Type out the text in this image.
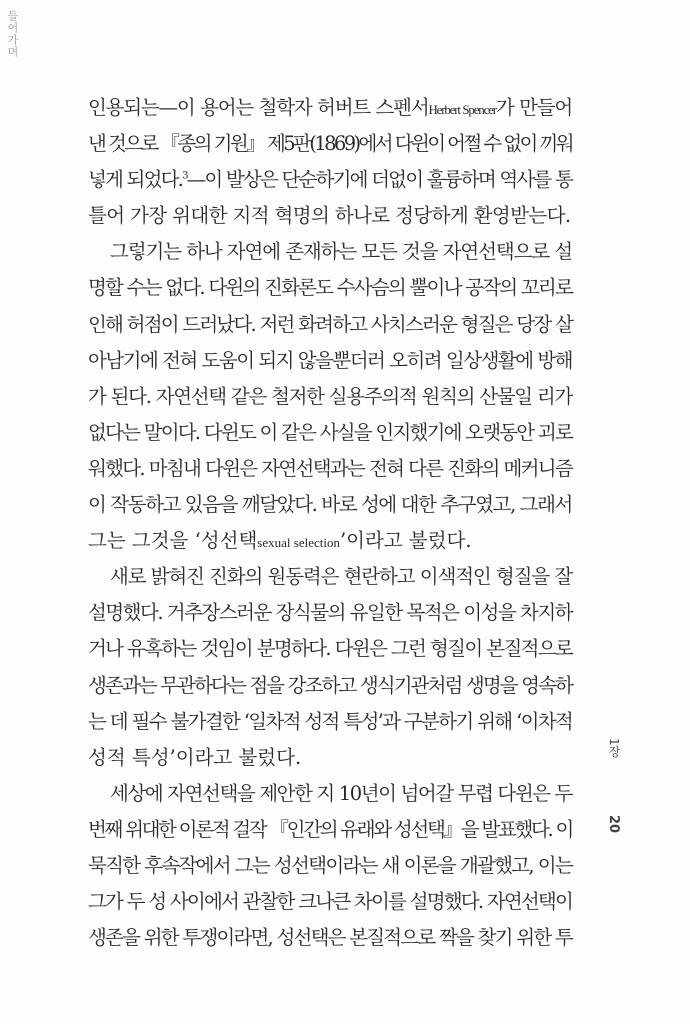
들어가며
1장
20
인용되는—이 용어는 철학자 허버트 스펜서Herbert Spencer가 만들어
낸 것으로 『종의 기원』 제5판(1869)에서 다윈이 어쩔 수 없이 끼워
넣게 되었다.$^3$—이 발상은 단순하기에 더없이 훌륭하며 역사를 통
틀어 가장 위대한 지적 혁명의 하나로 정당하게 환영받는다.
그렇기는 하나 자연에 존재하는 모든 것을 자연선택으로 설
명할 수는 없다. 다윈의 진화론도 수사슴의 뿔이나 공작의 꼬리로
인해 허점이 드러났다. 저런 화려하고 사치스러운 형질은 당장 살
아남기에 전혀 도움이 되지 않을뿐더러 오히려 일상생활에 방해
가 된다. 자연선택 같은 철저한 실용주의적 원칙의 산물일 리가
없다는 말이다. 다윈도 이 같은 사실을 인지했기에 오랫동안 괴로
워했다. 마침내 다윈은 자연선택과는 전혀 다른 진화의 메커니즘
이 작동하고 있음을 깨달았다. 바로 성에 대한 추구였고, 그래서
그는 그것을 ‘성선택sexual selection’이라고 불렀다.
새로 밝혀진 진화의 원동력은 현란하고 이색적인 형질을 잘
설명했다. 거추장스러운 장식물의 유일한 목적은 이성을 차지하
거나 유혹하는 것임이 분명하다. 다윈은 그런 형질이 본질적으로
생존과는 무관하다는 점을 강조하고 생식기관처럼 생명을 영속하
는 데 필수 불가결한 ‘일차적 성적 특성’과 구분하기 위해 ‘이차적
성적 특성’이라고 불렀다.
세상에 자연선택을 제안한 지 10년이 넘어갈 무렵 다윈은 두
번째 위대한 이론적 걸작 『인간의 유래와 성선택』을 발표했다. 이
묵직한 후속작에서 그는 성선택이라는 새 이론을 개괄했고, 이는
그가 두 성 사이에서 관찰한 크나큰 차이를 설명했다. 자연선택이
생존을 위한 투쟁이라면, 성선택은 본질적으로 짝을 찾기 위한 투
